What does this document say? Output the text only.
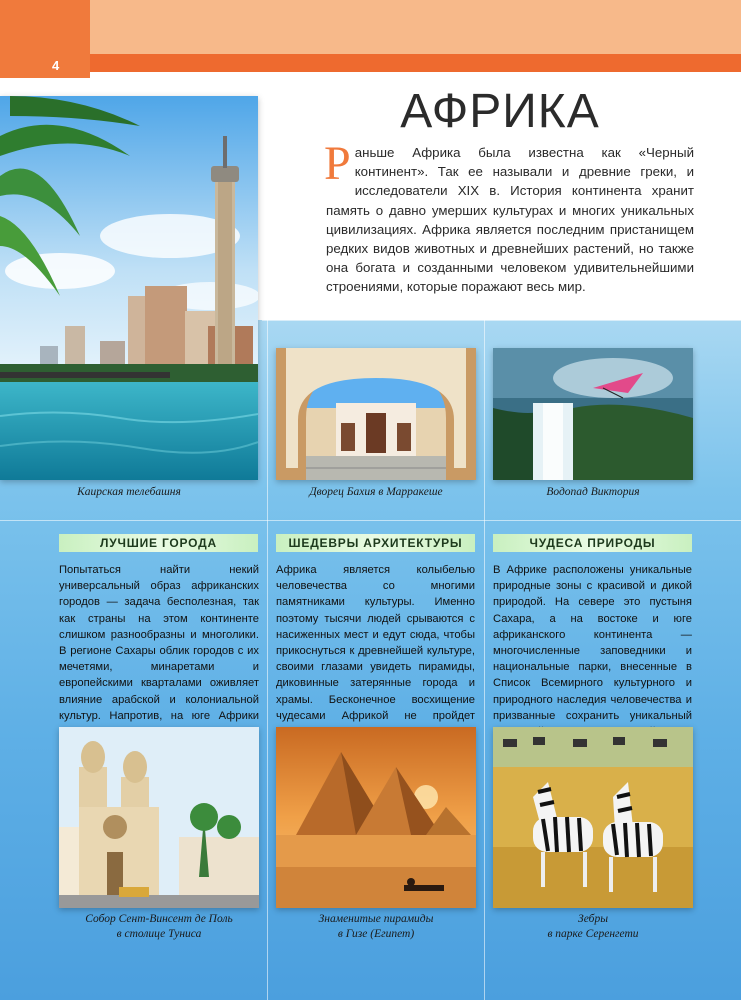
4
АФРИКА
Раньше Африка была известна как «Черный континент». Так ее называли и древние греки, и исследователи XIX в. История континента хранит память о давно умерших культурах и многих уникальных цивилизациях. Африка является последним пристанищем редких видов животных и древнейших растений, но также она богата и созданными человеком удивительнейшими строениями, которые поражают весь мир.
Каирская телебашня	Дворец Бахия в Марракеше	Водопад Виктория
ЛУЧШИЕ ГОРОДА
Попытаться найти некий универсальный образ африканских городов — задача бесполезная, так как страны на этом континенте слишком разнообразны и многолики. В регионе Сахары облик городов с их мечетями, минаретами и европейскими кварталами оживляет влияние арабской и колониальной культур. Напротив, на юге Африки
ШЕДЕВРЫ АРХИТЕКТУРЫ
Африка является колыбелью человечества со многими памятниками культуры. Именно поэтому тысячи людей срываются с насиженных мест и едут сюда, чтобы прикоснуться к древнейшей культуре, своими глазами увидеть пирамиды, диковинные затерянные города и храмы. Бесконечное восхищение чудесами Африкой не пройдет
ЧУДЕСА ПРИРОДЫ
В Африке расположены уникальные природные зоны с красивой и дикой природой. На севере это пустыня Сахара, а на востоке и юге африканского континента — многочисленные заповедники и национальные парки, внесенные в Список Всемирного культурного и природного наследия человечества и призванные сохранить уникальный
Собор Сент-Винсент де Поль
в столице Туниса
Знаменитые пирамиды
в Гизе (Египет)
Зебры
в парке Серенгети
